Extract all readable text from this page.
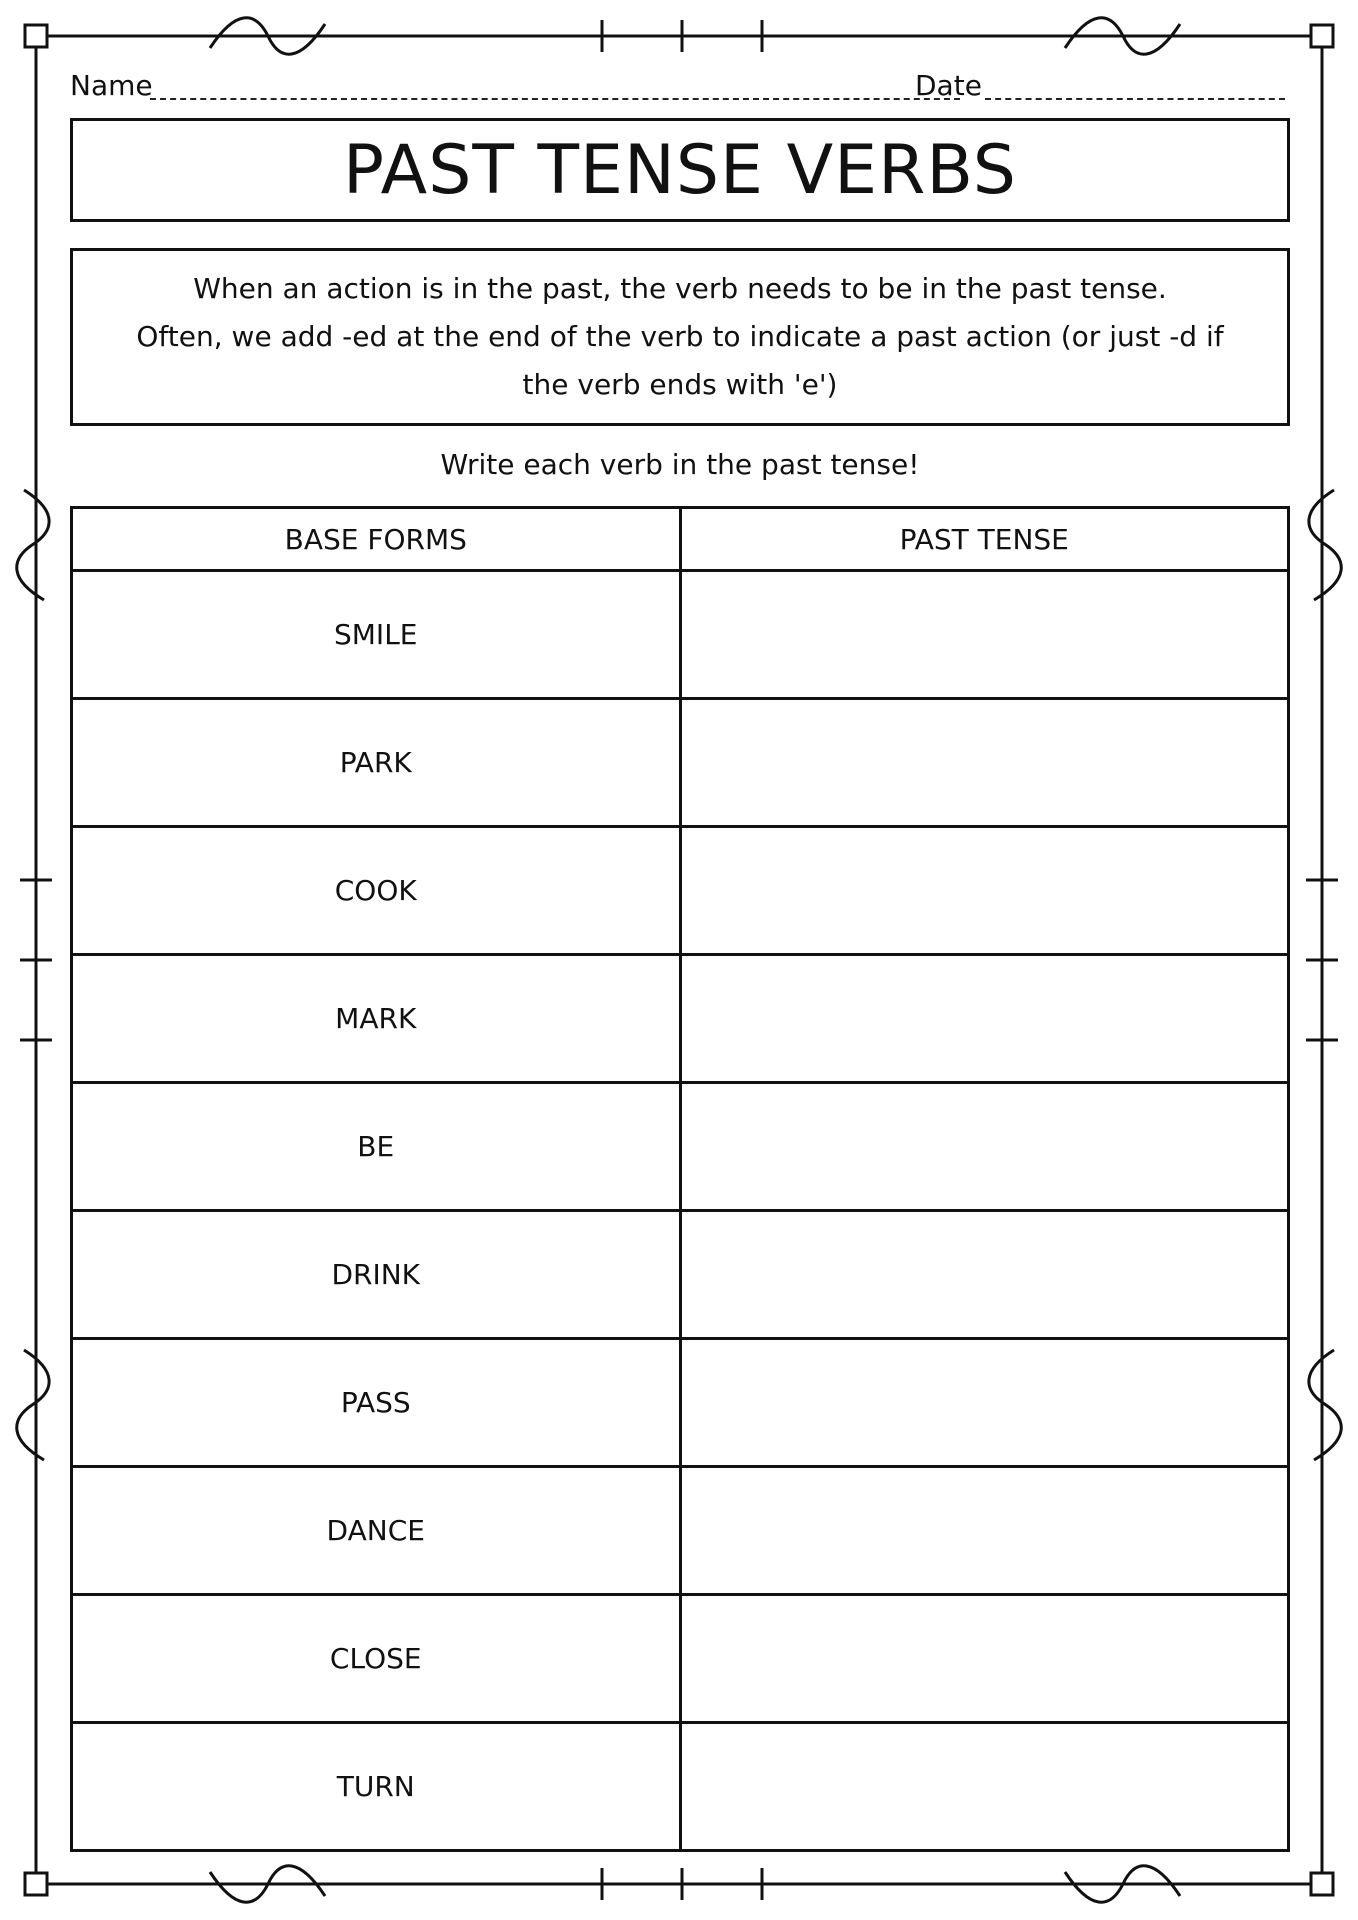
Name	Date
PAST TENSE VERBS
When an action is in the past, the verb needs to be in the past tense.
Often, we add -ed at the end of the verb to indicate a past action (or just -d if the verb ends with 'e')
Write each verb in the past tense!
BASE FORMS	PAST TENSE
SMILE	
PARK	
COOK	
MARK	
BE	
DRINK	
PASS	
DANCE	
CLOSE	
TURN	
